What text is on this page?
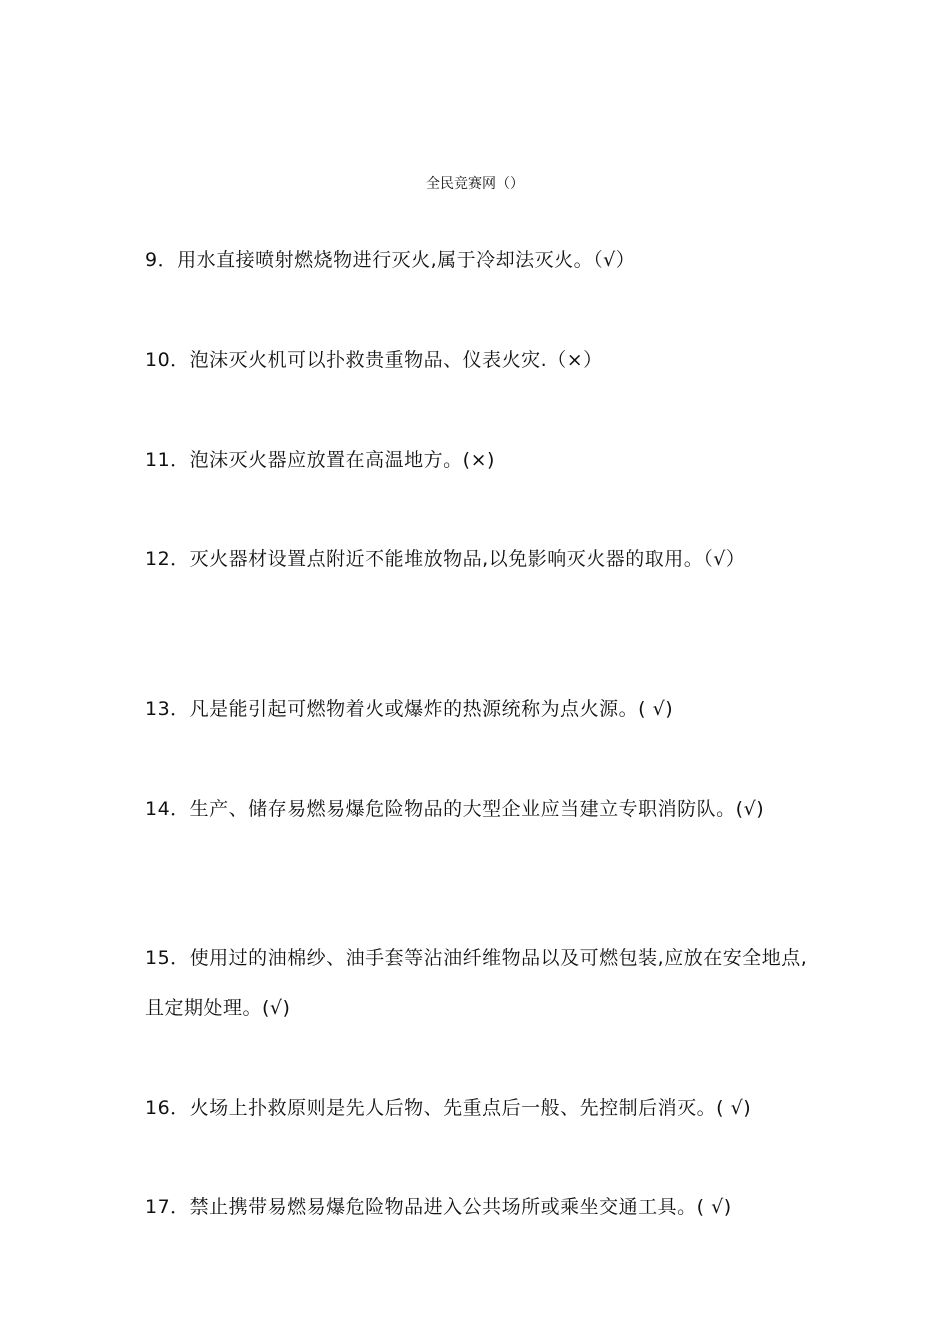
全民竞赛网（）
9．用水直接喷射燃烧物进行灭火,属于冷却法灭火。（√）
10．泡沫灭火机可以扑救贵重物品、仪表火灾.（×）
11．泡沫灭火器应放置在高温地方。(×)
12．灭火器材设置点附近不能堆放物品,以免影响灭火器的取用。（√）
13．凡是能引起可燃物着火或爆炸的热源统称为点火源。( √)
14．生产、储存易燃易爆危险物品的大型企业应当建立专职消防队。(√)
15．使用过的油棉纱、油手套等沾油纤维物品以及可燃包装,应放在安全地点,且定期处理。(√)
16．火场上扑救原则是先人后物、先重点后一般、先控制后消灭。( √)
17．禁止携带易燃易爆危险物品进入公共场所或乘坐交通工具。( √)
